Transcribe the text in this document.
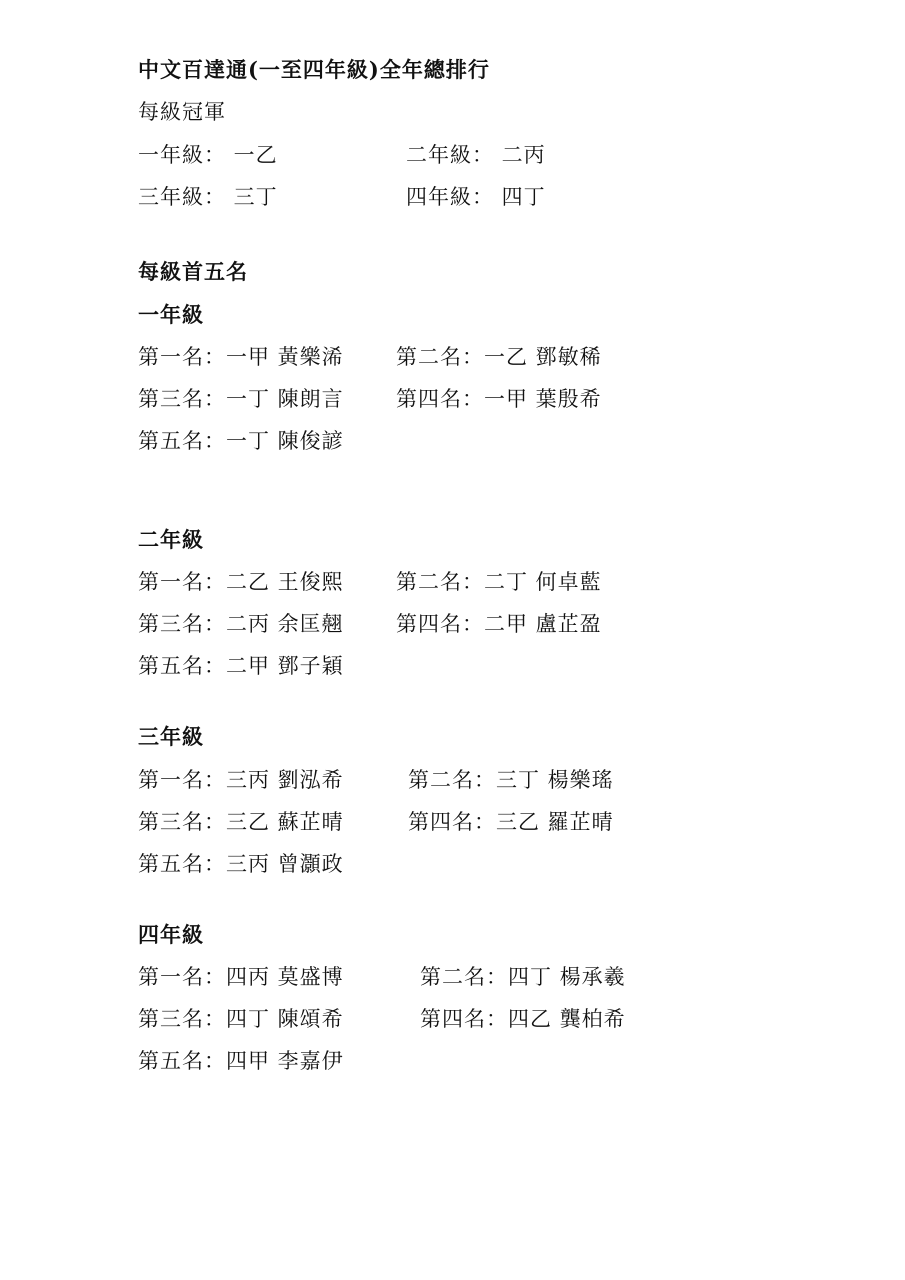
中文百達通(一至四年級)全年總排行
每級冠軍
一年級： 一乙	二年級： 二丙
三年級： 三丁	四年級： 四丁
每級首五名
一年級
第一名：一甲 黃樂浠 第二名：一乙 鄧敏稀
第三名：一丁 陳朗言 第四名：一甲 葉殷希
第五名：一丁 陳俊諺
二年級
第一名：二乙 王俊熙 第二名：二丁 何卓藍
第三名：二丙 余匡翹 第四名：二甲 盧芷盈
第五名：二甲 鄧子穎
三年級
第一名：三丙 劉泓希	第二名：三丁 楊樂瑤
第三名：三乙 蘇芷晴	第四名：三乙 羅芷晴
第五名：三丙 曾灝政
四年級
第一名：四丙 莫盛博	第二名：四丁 楊承羲
第三名：四丁 陳頌希	第四名：四乙 龔柏希
第五名：四甲 李嘉伊
